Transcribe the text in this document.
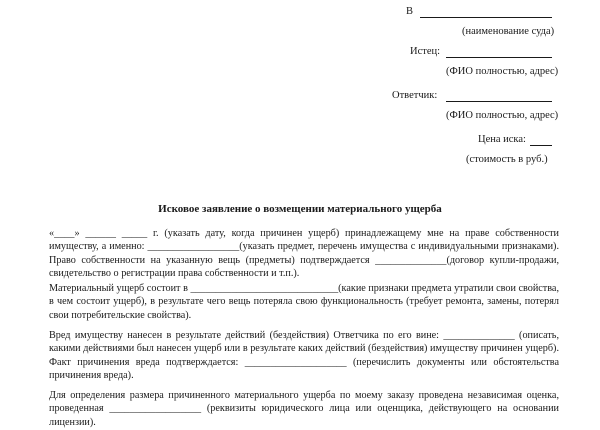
В
(наименование суда)
Истец:
(ФИО полностью, адрес)
Ответчик:
(ФИО полностью, адрес)
Цена иска:
(стоимость в руб.)
Исковое заявление о возмещении материального ущерба

«____» ______ _____ г. (указать дату, когда причинен ущерб) принадлежащему мне на праве собственности имуществу, а именно: __________________(указать предмет, перечень имущества с индивидуальными признаками). Право собственности на указанную вещь (предметы) подтверждается ______________(договор купли-продажи, свидетельство о регистрации права собственности и т.п.).

Материальный ущерб состоит в _____________________________(какие признаки предмета утратили свои свойства, в чем состоит ущерб), в результате чего вещь потеряла свою функциональность (требует ремонта, замены, потерял свои потребительские свойства).

Вред имуществу нанесен в результате действий (бездействия) Ответчика по его вине: ______________ (описать, какими действиями был нанесен ущерб или в результате каких действий (бездействия) имуществу причинен ущерб). Факт причинения вреда подтверждается: ____________________ (перечислить документы или обстоятельства причинения вреда).

Для определения размера причиненного материального ущерба по моему заказу проведена независимая оценка, проведенная __________________ (реквизиты юридического лица или оценщика, действующего на основании лицензии).
